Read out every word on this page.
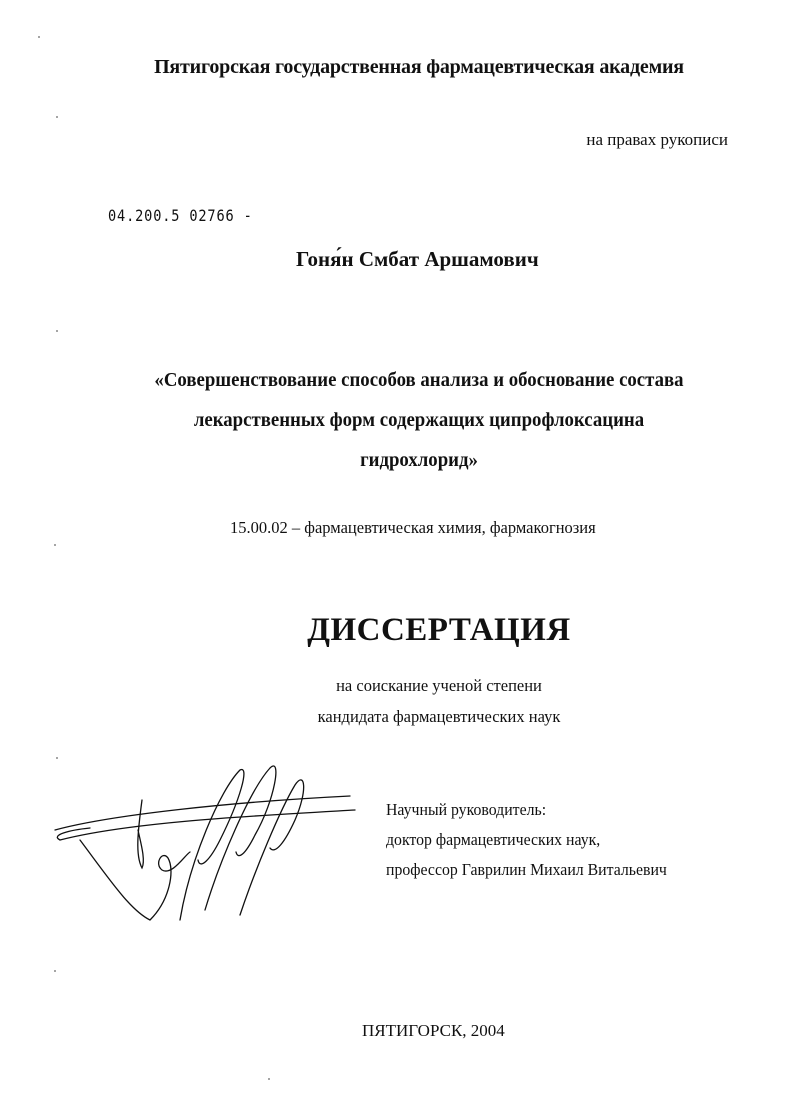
Пятигорская государственная фармацевтическая академия
на правах рукописи
04.200.5 02766 -
Гоня́н Смбат Аршамович
«Совершенствование способов анализа и обоснование состава
лекарственных форм содержащих ципрофлоксацина
гидрохлорид»
15.00.02 – фармацевтическая химия, фармакогнозия
ДИССЕРТАЦИЯ
на соискание ученой степени
кандидата фармацевтических наук
Научный руководитель:
доктор фармацевтических наук,
профессор Гаврилин Михаил Витальевич
ПЯТИГОРСК, 2004
